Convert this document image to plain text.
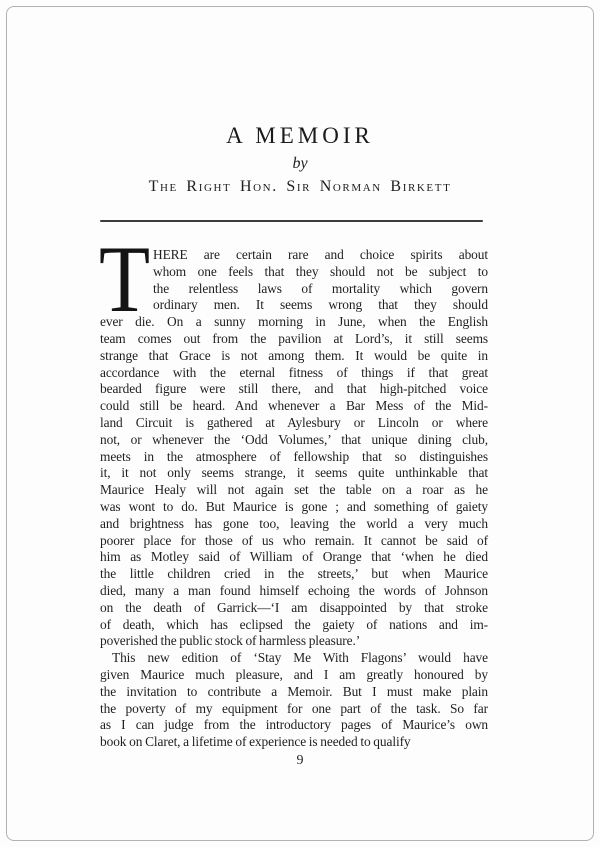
A MEMOIR
by
The Right Hon. Sir Norman Birkett
T HERE are certain rare and choice spirits about
whom one feels that they should not be subject to
the relentless laws of mortality which govern
ordinary men. It seems wrong that they should
ever die. On a sunny morning in June, when the English
team comes out from the pavilion at Lord’s, it still seems
strange that Grace is not among them. It would be quite in
accordance with the eternal fitness of things if that great
bearded figure were still there, and that high-pitched voice
could still be heard. And whenever a Bar Mess of the Mid-
land Circuit is gathered at Aylesbury or Lincoln or where
not, or whenever the ‘Odd Volumes,’ that unique dining club,
meets in the atmosphere of fellowship that so distinguishes
it, it not only seems strange, it seems quite unthinkable that
Maurice Healy will not again set the table on a roar as he
was wont to do. But Maurice is gone ; and something of gaiety
and brightness has gone too, leaving the world a very much
poorer place for those of us who remain. It cannot be said of
him as Motley said of William of Orange that ‘when he died
the little children cried in the streets,’ but when Maurice
died, many a man found himself echoing the words of Johnson
on the death of Garrick—‘I am disappointed by that stroke
of death, which has eclipsed the gaiety of nations and im-
poverished the public stock of harmless pleasure.’
This new edition of ‘Stay Me With Flagons’ would have
given Maurice much pleasure, and I am greatly honoured by
the invitation to contribute a Memoir. But I must make plain
the poverty of my equipment for one part of the task. So far
as I can judge from the introductory pages of Maurice’s own
book on Claret, a lifetime of experience is needed to qualify
9
